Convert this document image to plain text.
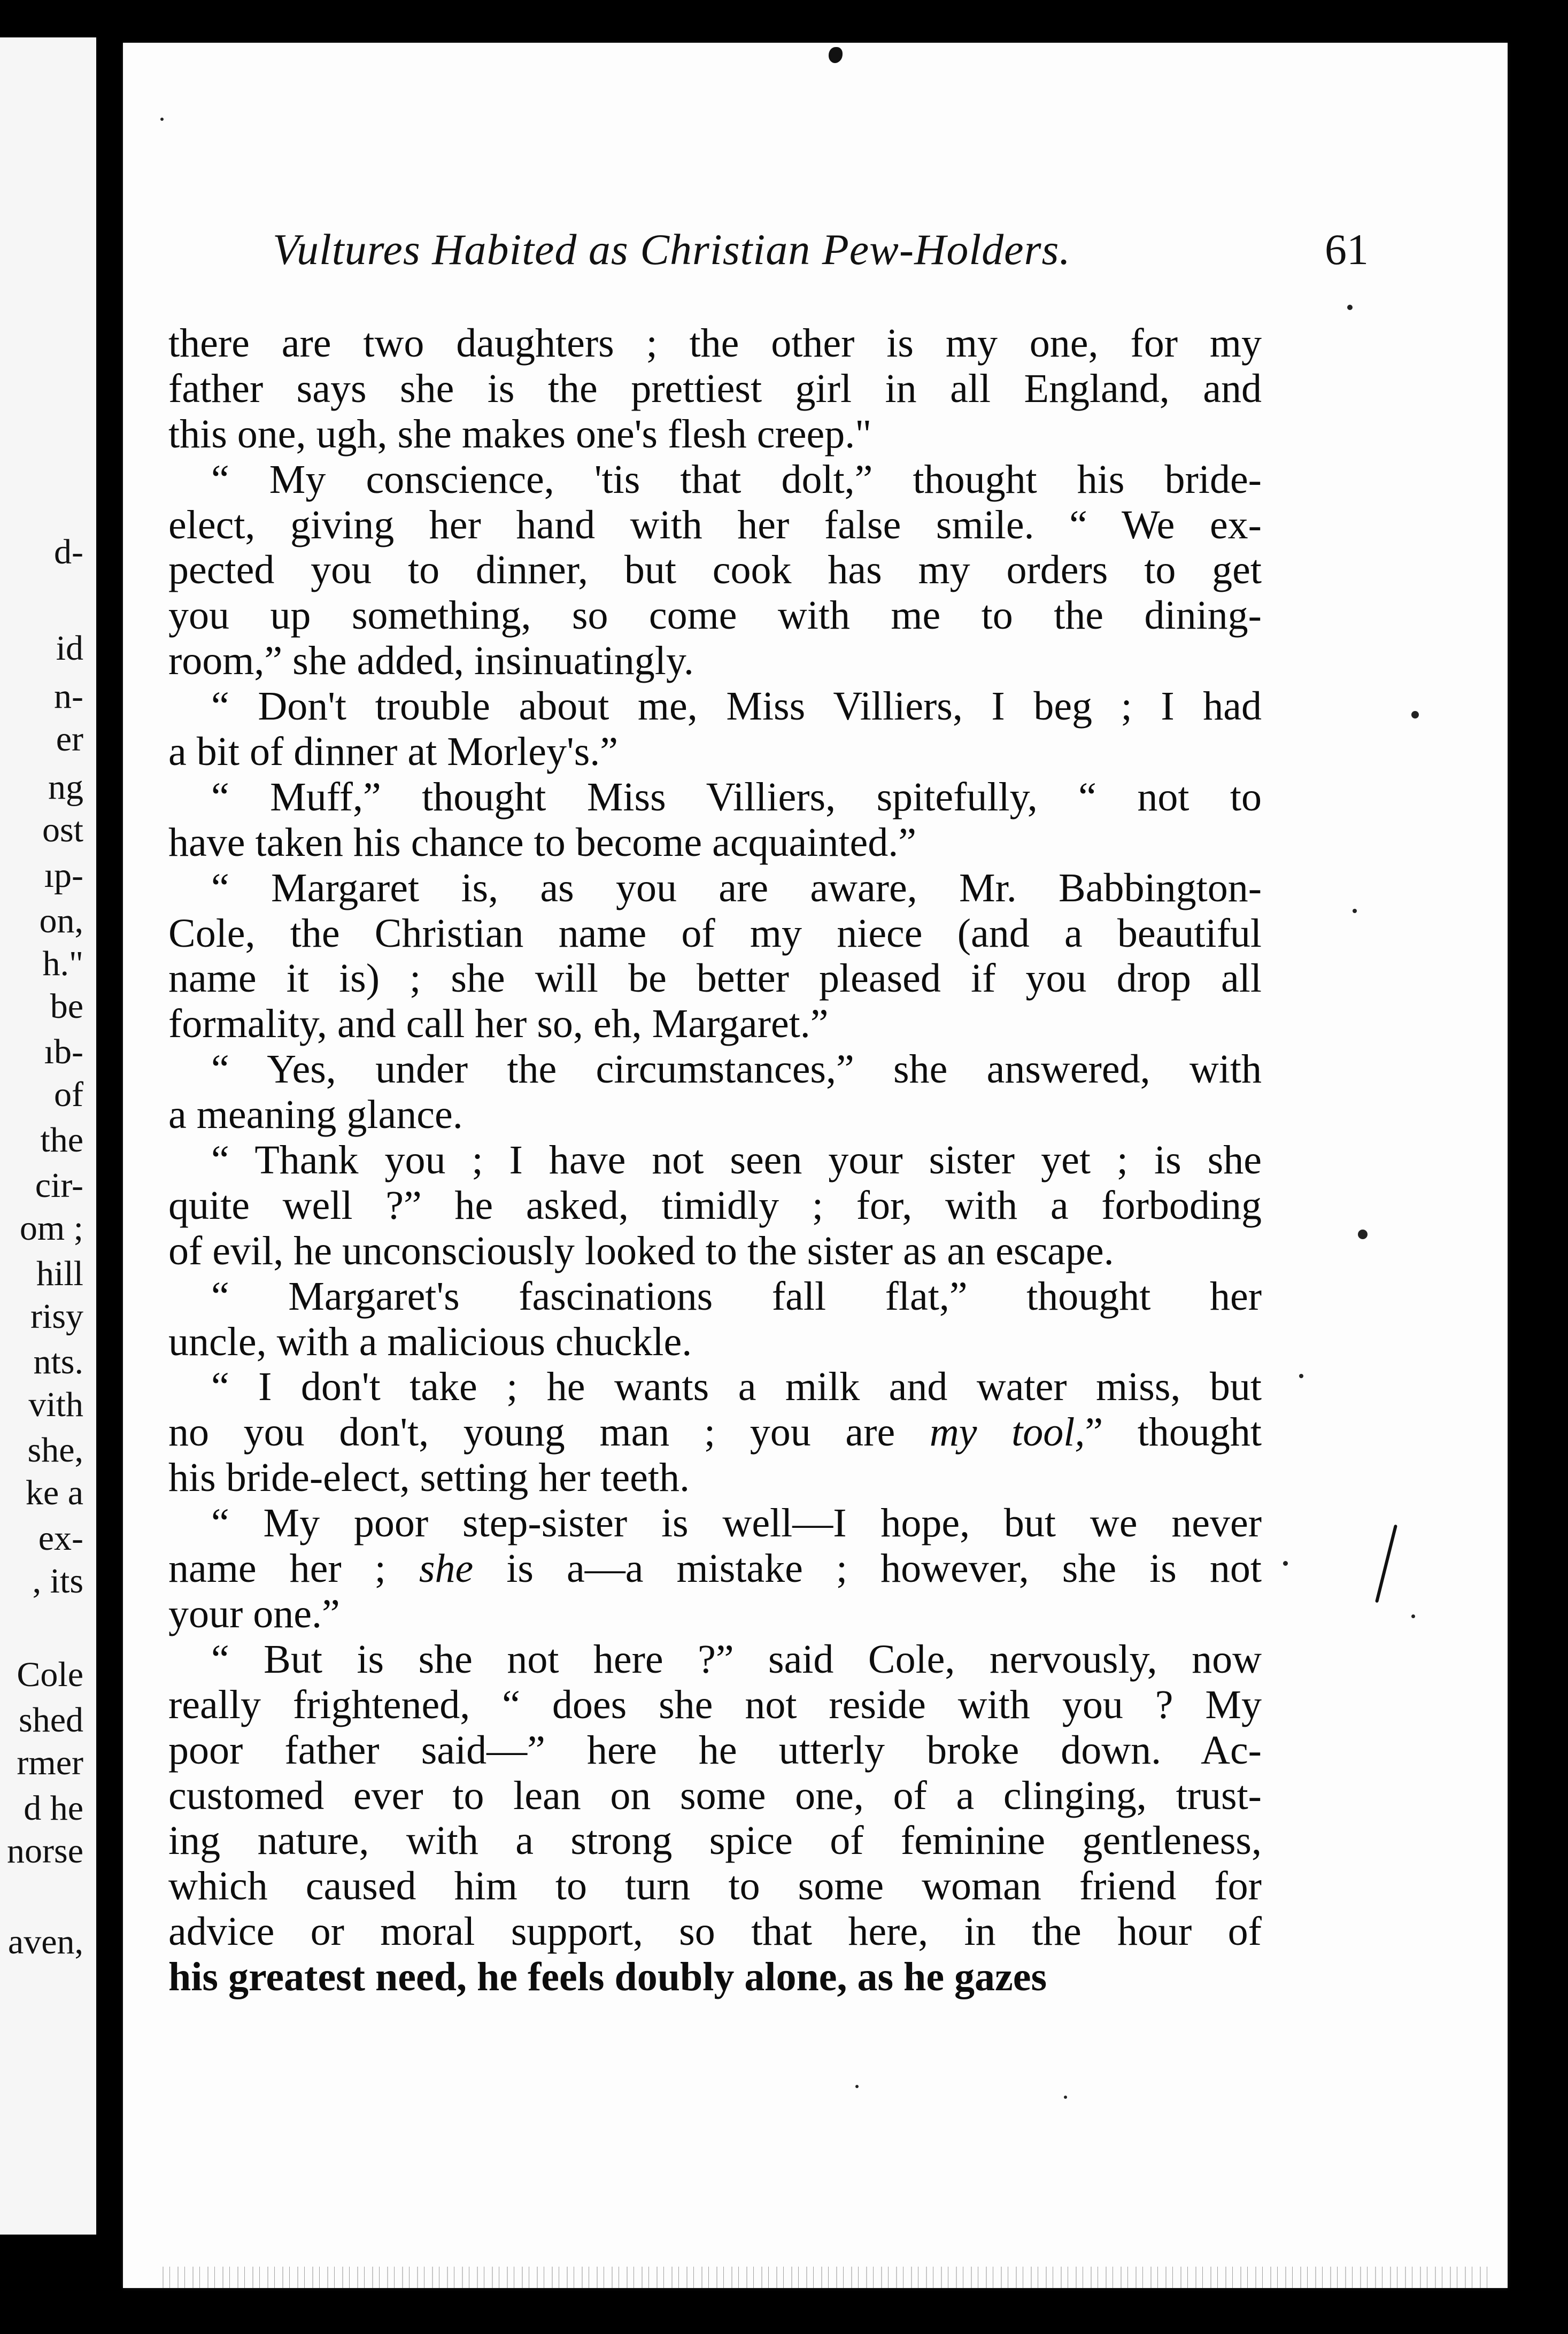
d-
id
n-
er
ng
ost
ıp-
on,
h."
be
ıb-
of
the
cir-
om ;
hill
risy
nts.
vith
she,
ke a
ex-
, its
Cole
shed
rmer
d he
norse
aven,
Vultures Habited as Christian Pew-Holders.	61
there are two daughters ; the other is my one, for my
father says she is the prettiest girl in all England, and
this one, ugh, she makes one's flesh creep."
“ My conscience, 'tis that dolt,” thought his bride-
elect, giving her hand with her false smile. “ We ex-
pected you to dinner, but cook has my orders to get
you up something, so come with me to the dining-
room,” she added, insinuatingly.
“ Don't trouble about me, Miss Villiers, I beg ; I had
a bit of dinner at Morley's.”
“ Muff,” thought Miss Villiers, spitefully, “ not to
have taken his chance to become acquainted.”
“ Margaret is, as you are aware, Mr. Babbington-
Cole, the Christian name of my niece (and a beautiful
name it is) ; she will be better pleased if you drop all
formality, and call her so, eh, Margaret.”
“ Yes, under the circumstances,” she answered, with
a meaning glance.
“ Thank you ; I have not seen your sister yet ; is she
quite well ?” he asked, timidly ; for, with a forboding
of evil, he unconsciously looked to the sister as an escape.
“ Margaret's fascinations fall flat,” thought her
uncle, with a malicious chuckle.
“ I don't take ; he wants a milk and water miss, but
no you don't, young man ; you are my tool,” thought
his bride-elect, setting her teeth.
“ My poor step-sister is well—I hope, but we never
name her ; she is a—a mistake ; however, she is not
your one.”
“ But is she not here ?” said Cole, nervously, now
really frightened, “ does she not reside with you ? My
poor father said—” here he utterly broke down. Ac-
customed ever to lean on some one, of a clinging, trust-
ing nature, with a strong spice of feminine gentleness,
which caused him to turn to some woman friend for
advice or moral support, so that here, in the hour of
his greatest need, he feels doubly alone, as he gazes
